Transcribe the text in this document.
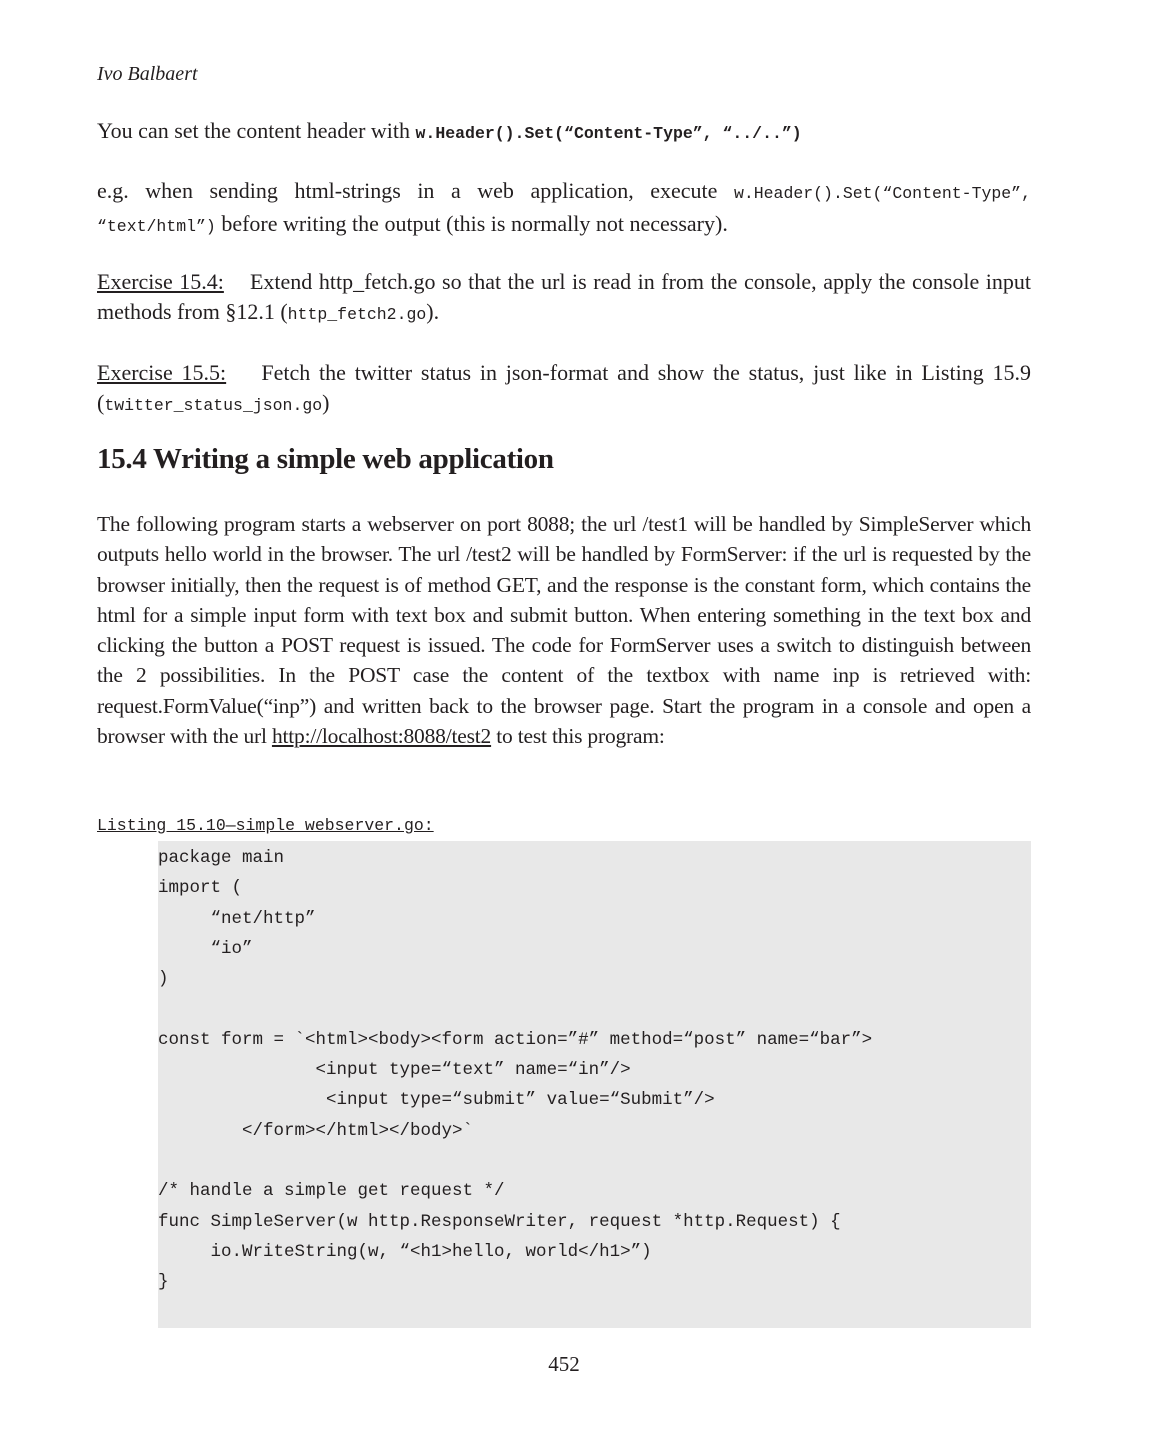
Ivo Balbaert
You can set the content header with w.Header().Set(“Content-Type”, “../..”)
e.g. when sending html-strings in a web application, execute w.Header().Set(“Content-Type”, “text/html”) before writing the output (this is normally not necessary).
Exercise 15.4:    Extend http_fetch.go so that the url is read in from the console, apply the console input methods from §12.1 (http_fetch2.go).
Exercise 15.5:    Fetch the twitter status in json-format and show the status, just like in Listing 15.9 (twitter_status_json.go)
15.4 Writing a simple web application
The following program starts a webserver on port 8088; the url /test1 will be handled by SimpleServer which outputs hello world in the browser. The url /test2 will be handled by FormServer: if the url is requested by the browser initially, then the request is of method GET, and the response is the constant form, which contains the html for a simple input form with text box and submit button. When entering something in the text box and clicking the button a POST request is issued. The code for FormServer uses a switch to distinguish between the 2 possibilities. In the POST case the content of the textbox with name inp is retrieved with: request.FormValue(“inp”) and written back to the browser page. Start the program in a console and open a browser with the url http://localhost:8088/test2 to test this program:
Listing 15.10—simple_webserver.go:
package main
import (
“net/http”
“io”
)
const form = `<html><body><form action=”#” method=“post” name=“bar”>
<input type=“text” name=“in”/>
<input type=“submit” value=“Submit”/>
</form></html></body>`
/* handle a simple get request */
func SimpleServer(w http.ResponseWriter, request *http.Request) {
io.WriteString(w, “<h1>hello, world</h1>”)
}
452
